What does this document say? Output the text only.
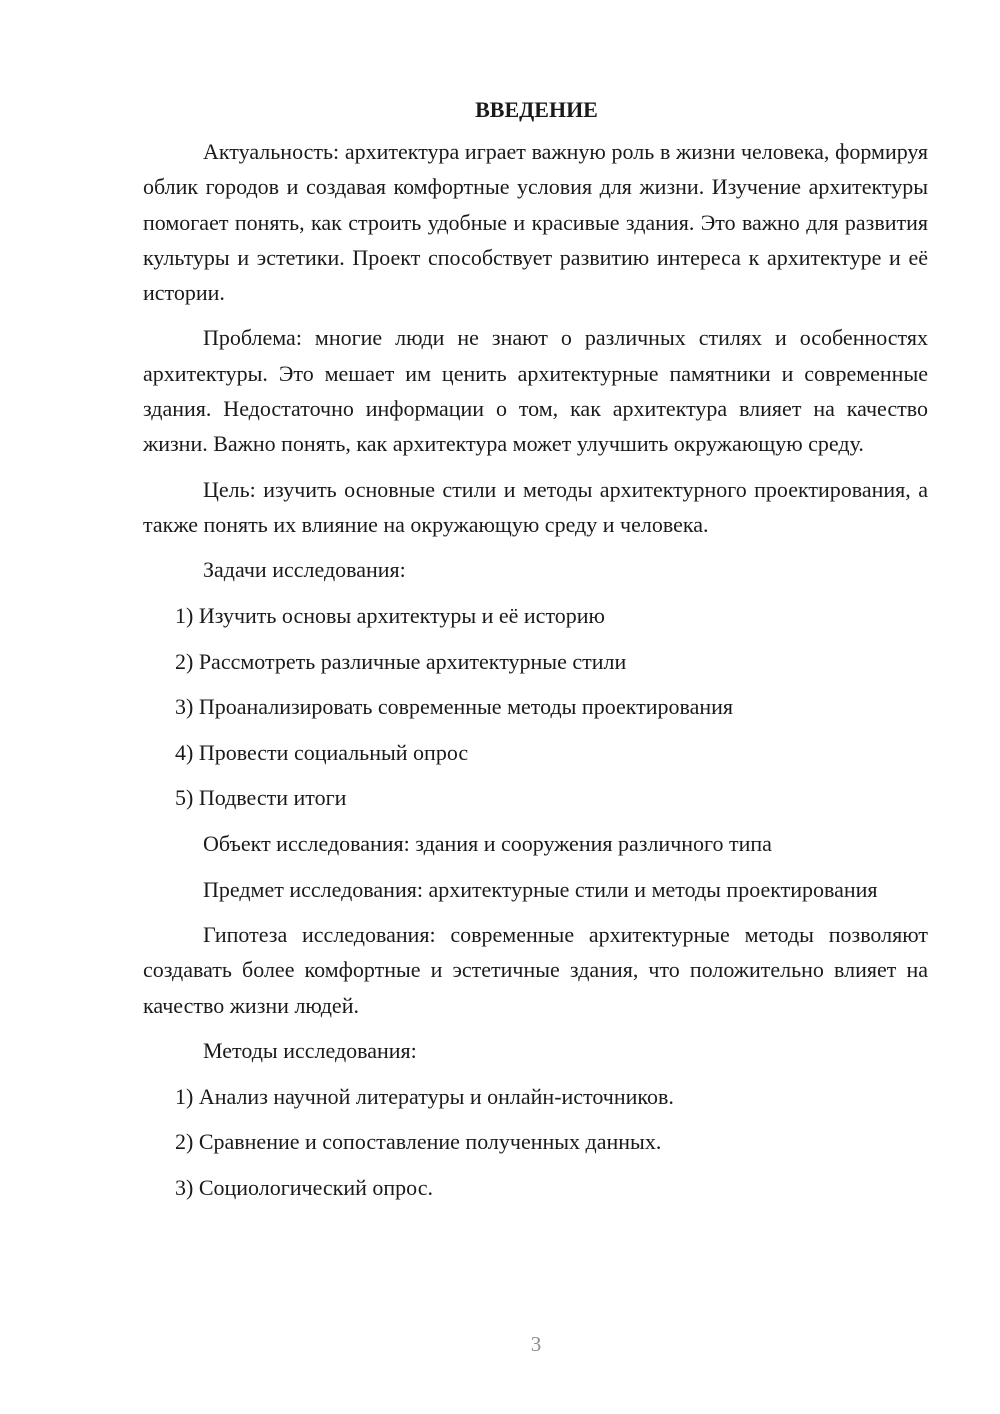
ВВЕДЕНИЕ

Актуальность: архитектура играет важную роль в жизни человека, формируя облик городов и создавая комфортные условия для жизни. Изучение архитектуры помогает понять, как строить удобные и красивые здания. Это важно для развития культуры и эстетики. Проект способствует развитию интереса к архитектуре и её истории.

Проблема: многие люди не знают о различных стилях и особенностях архитектуры. Это мешает им ценить архитектурные памятники и современные здания. Недостаточно информации о том, как архитектура влияет на качество жизни. Важно понять, как архитектура может улучшить окружающую среду.

Цель: изучить основные стили и методы архитектурного проектирования, а также понять их влияние на окружающую среду и человека.

Задачи исследования:

1) Изучить основы архитектуры и её историю
2) Рассмотреть различные архитектурные стили
3) Проанализировать современные методы проектирования
4) Провести социальный опрос
5) Подвести итоги

Объект исследования: здания и сооружения различного типа

Предмет исследования: архитектурные стили и методы проектирования

Гипотеза исследования: современные архитектурные методы позволяют создавать более комфортные и эстетичные здания, что положительно влияет на качество жизни людей.

Методы исследования:

1) Анализ научной литературы и онлайн-источников.
2) Сравнение и сопоставление полученных данных.
3) Социологический опрос.
3
